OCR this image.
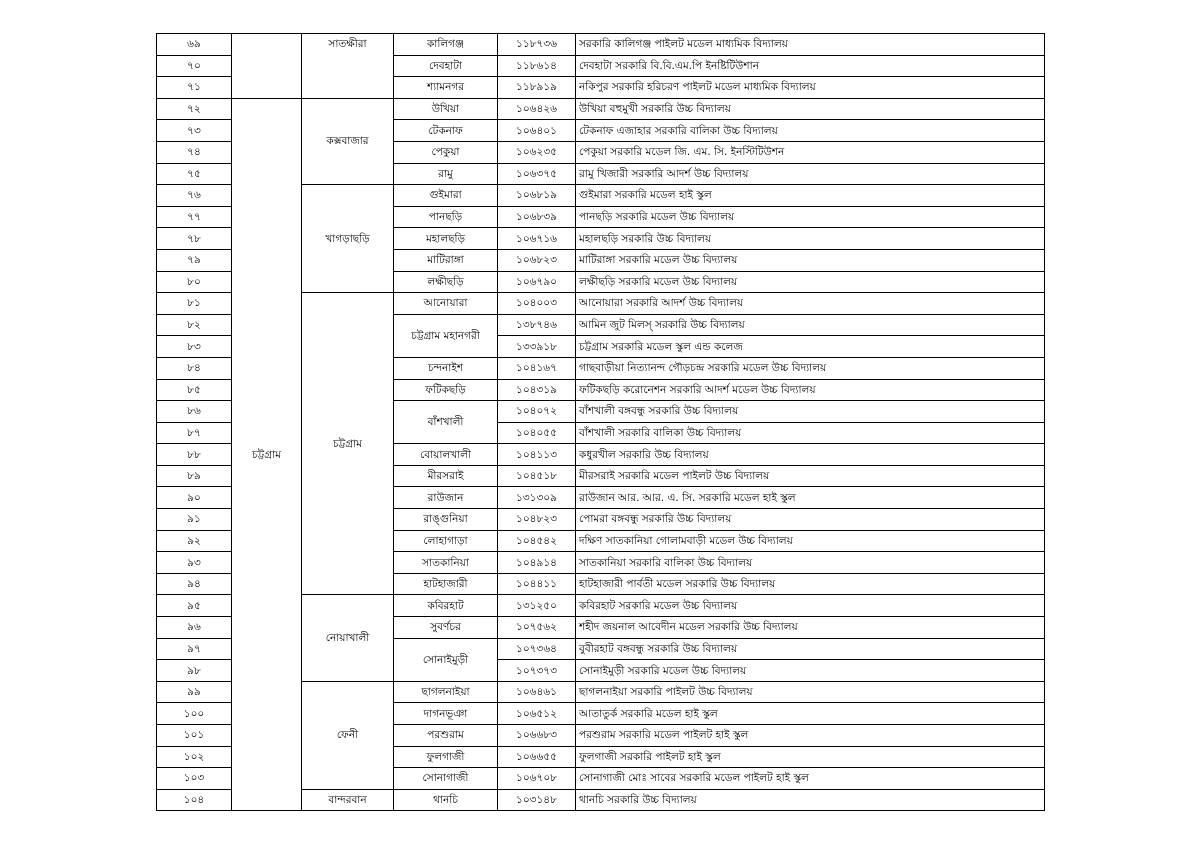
৬৯		সাতক্ষীরা	কালিগঞ্জ	১১৮৭৩৬	সরকারি কালিগঞ্জ পাইলট মডেল মাধ্যমিক বিদ্যালয়
৭০			দেবহাটা	১১৮৬১৪	দেবহাটা সরকারি বি.বি.এম.পি ইনষ্টিটিউশান
৭১			শ্যামনগর	১১৮৯১৯	নকিপুর সরকারি হরিচরণ পাইলট মডেল মাধ্যমিক বিদ্যালয়
৭২	চট্টগ্রাম	কক্সবাজার	উখিয়া	১০৬৪২৬	উখিয়া বহুমুখী সরকারি উচ্চ বিদ্যালয়
৭৩			টেকনাফ	১০৬৪০১	টেকনাফ এজাহার সরকারি বালিকা উচ্চ বিদ্যালয়
৭৪			পেকুয়া	১০৬২৩৫	পেকুয়া সরকারি মডেল জি. এম. সি. ইনস্টিটিউশন
৭৫			রামু	১০৬৩৭৫	রামু খিজারী সরকারি আদর্শ উচ্চ বিদ্যালয়
৭৬		খাগড়াছড়ি	গুইমারা	১০৬৮১৯	গুইমারা সরকারি মডেল হাই স্কুল
৭৭			পানছড়ি	১০৬৮৩৯	পানছড়ি সরকারি মডেল উচ্চ বিদ্যালয়
৭৮			মহালছড়ি	১০৬৭১৬	মহালছড়ি সরকারি উচ্চ বিদ্যালয়
৭৯			মাটিরাঙ্গা	১০৬৮২৩	মাটিরাঙ্গা সরকারি মডেল উচ্চ বিদ্যালয়
৮০			লক্ষীছড়ি	১০৬৭৯০	লক্ষীছড়ি সরকারি মডেল উচ্চ বিদ্যালয়
৮১		চট্টগ্রাম	আনোয়ারা	১০৪০০৩	আনোয়ারা সরকারি আদর্শ উচ্চ বিদ্যালয়
৮২			চট্টগ্রাম মহানগরী	১৩৮৭৪৬	আমিন জুট মিলস্ সরকারি উচ্চ বিদ্যালয়
৮৩				১৩৩৯১৮	চট্টগ্রাম সরকারি মডেল স্কুল এন্ড কলেজ
৮৪			চন্দনাইশ	১০৪১৬৭	গাছবাড়ীয়া নিত্যানন্দ গৌড়চন্দ্র সরকারি মডেল উচ্চ বিদ্যালয়
৮৫			ফটিকছড়ি	১০৪৩১৯	ফটিকছড়ি করোনেশন সরকারি আদর্শ মডেল উচ্চ বিদ্যালয়
৮৬			বাঁশখালী	১০৪০৭২	বাঁশখালী বঙ্গবন্ধু সরকারি উচ্চ বিদ্যালয়
৮৭				১০৪০৫৫	বাঁশখালী সরকারি বালিকা উচ্চ বিদ্যালয়
৮৮			বোয়ালখালী	১০৪১১৩	কধুরখীল সরকারি উচ্চ বিদ্যালয়
৮৯			মীরসরাই	১০৪৫১৮	মীরসরাই সরকারি মডেল পাইলট উচ্চ বিদ্যালয়
৯০			রাউজান	১৩১৩০৯	রাউজান আর. আর. এ. সি. সরকারি মডেল হাই স্কুল
৯১			রাঙ্গুনিয়া	১০৪৮২৩	পোমরা বঙ্গবন্ধু সরকারি উচ্চ বিদ্যালয়
৯২			লোহাগাড়া	১০৪৫৪২	দক্ষিণ সাতকানিয়া গোলামবাড়ী মডেল উচ্চ বিদ্যালয়
৯৩			সাতকানিয়া	১০৪৯১৪	সাতকানিয়া সরকারি বালিকা উচ্চ বিদ্যালয়
৯৪			হাটহাজারী	১০৪৪১১	হাটহাজারী পার্বতী মডেল সরকারি উচ্চ বিদ্যালয়
৯৫		নোয়াখালী	কবিরহাট	১৩১২৫০	কবিরহাট সরকারি মডেল উচ্চ বিদ্যালয়
৯৬			সুবর্ণচর	১০৭৫৬২	শহীদ জয়নাল আবেদীন মডেল সরকারি উচ্চ বিদ্যালয়
৯৭			সোনাইমুড়ী	১০৭৩৬৪	বুবীরহাট বঙ্গবন্ধু সরকারি উচ্চ বিদ্যালয়
৯৮				১০৭৩৭৩	সোনাইমুড়ী সরকারি মডেল উচ্চ বিদ্যালয়
৯৯		ফেনী	ছাগলনাইয়া	১০৬৪৬১	ছাগলনাইয়া সরকারি পাইলট উচ্চ বিদ্যালয়
১০০			দাগনভূঞা	১০৬৫১২	আতাতুর্ক সরকারি মডেল হাই স্কুল
১০১			পরশুরাম	১০৬৬৮৩	পরশুরাম সরকারি মডেল পাইলট হাই স্কুল
১০২			ফুলগাজী	১০৬৬৫৫	ফুলগাজী সরকারি পাইলট হাই স্কুল
১০৩			সোনাগাজী	১০৬৭০৮	সোনাগাজী মোঃ সাবের সরকারি মডেল পাইলট হাই স্কুল
১০৪		বান্দরবান	থানচি	১০৩১৪৮	থানচি সরকারি উচ্চ বিদ্যালয়
